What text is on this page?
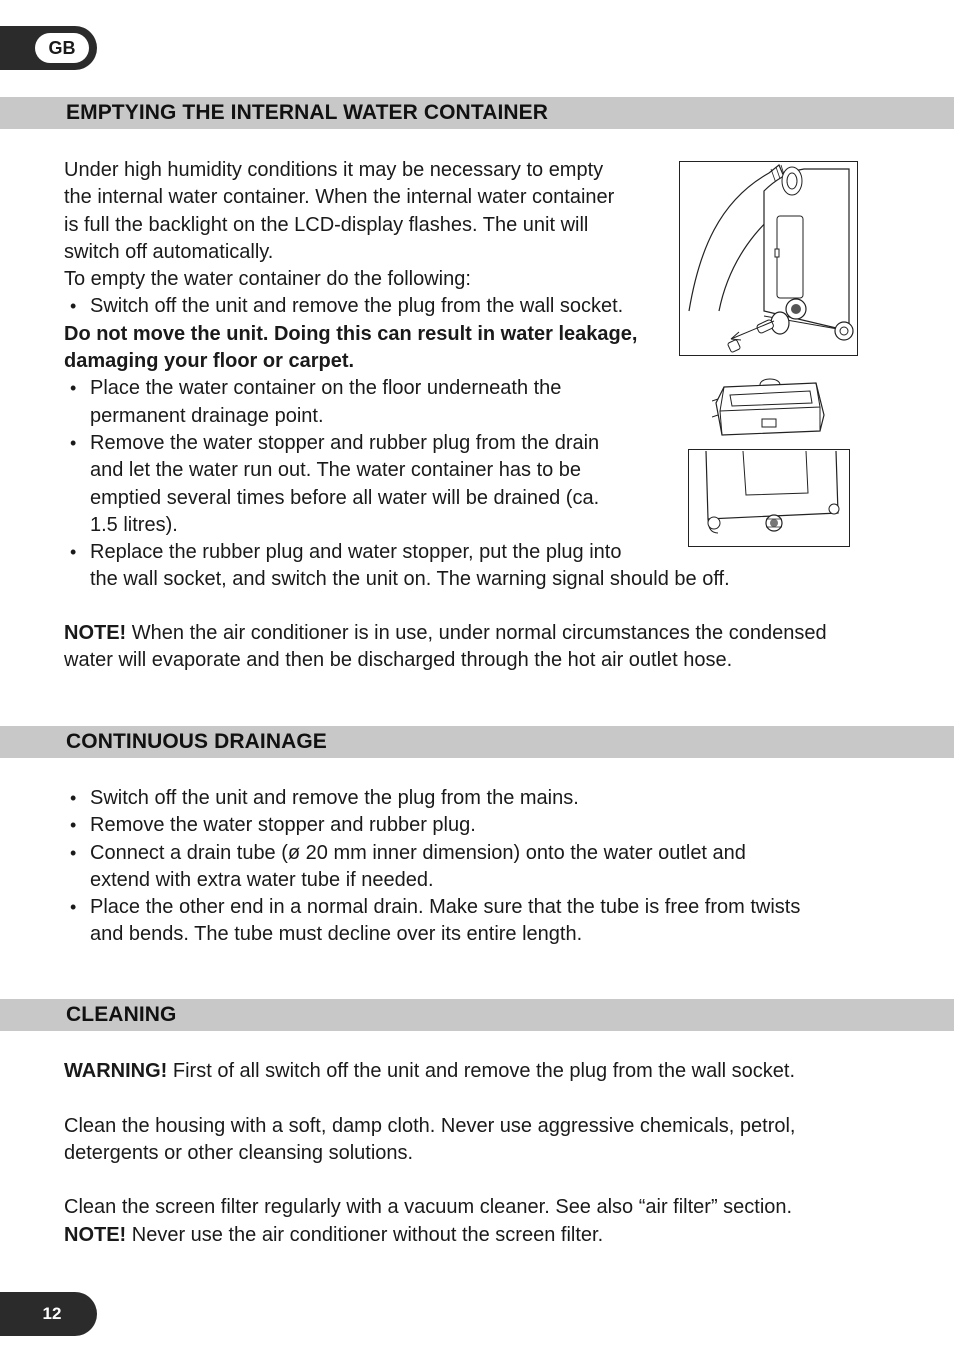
GB
EMPTYING THE INTERNAL WATER CONTAINER

Under high humidity conditions it may be necessary to empty

the internal water container. When the internal water container

is full the backlight on the LCD-display flashes. The unit will

switch off automatically.

To empty the water container do the following:

• Switch off the unit and remove the plug from the wall socket.

Do not move the unit. Doing this can result in water leakage,

damaging your floor or carpet.

• Place the water container on the floor underneath the
permanent drainage point.
• Remove the water stopper and rubber plug from the drain
and let the water run out. The water container has to be
emptied several times before all water will be drained (ca.
1.5 litres).
• Replace the rubber plug and water stopper, put the plug into
the wall socket, and switch the unit on. The warning signal should be off.

NOTE! When the air conditioner is in use, under normal circumstances the condensed

water will evaporate and then be discharged through the hot air outlet hose.

CONTINUOUS DRAINAGE
• Switch off the unit and remove the plug from the mains.
• Remove the water stopper and rubber plug.
• Connect a drain tube (ø 20 mm inner dimension) onto the water outlet and
extend with extra water tube if needed.
• Place the other end in a normal drain. Make sure that the tube is free from twists
and bends. The tube must decline over its entire length.
CLEANING

WARNING! First of all switch off the unit and remove the plug from the wall socket.

Clean the housing with a soft, damp cloth. Never use aggressive chemicals, petrol,

detergents or other cleansing solutions.

Clean the screen filter regularly with a vacuum cleaner. See also “air filter” section.

NOTE! Never use the air conditioner without the screen filter.

12
